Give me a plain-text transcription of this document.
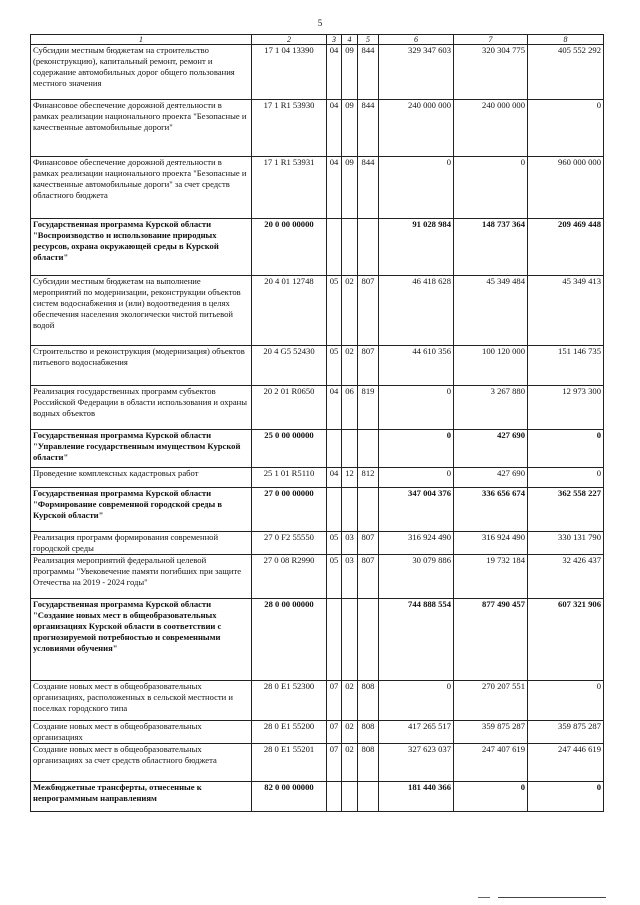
5
1	2	3	4	5	6	7	8
Субсидии местным бюджетам на строительство (реконструкцию), капитальный ремонт, ремонт и содержание автомобильных дорог общего пользования местного значения	17 1 04 13390	04	09	844	329 347 603	320 304 775	405 552 292
Финансовое обеспечение дорожной деятельности в рамках реализации национального проекта "Безопасные и качественные автомобильные дороги"	17 1 R1 53930	04	09	844	240 000 000	240 000 000	0
Финансовое обеспечение дорожной деятельности в рамках реализации национального проекта "Безопасные и качественные автомобильные дороги" за счет средств областного бюджета	17 1 R1 53931	04	09	844	0	0	960 000 000
Государственная программа Курской области "Воспроизводство и использование природных ресурсов, охрана окружающей среды в Курской области"	20 0 00 00000				91 028 984	148 737 364	209 469 448
Субсидии местным бюджетам на выполнение мероприятий по модернизации, реконструкции объектов систем водоснабжения и (или) водоотведения в целях обеспечения населения экологически чистой питьевой водой	20 4 01 12748	05	02	807	46 418 628	45 349 484	45 349 413
Строительство и реконструкция (модернизация) объектов питьевого водоснабжения	20 4 G5 52430	05	02	807	44 610 356	100 120 000	151 146 735
Реализация государственных программ субъектов Российской Федерации в области использования и охраны водных объектов	20 2 01 R0650	04	06	819	0	3 267 880	12 973 300
Государственная программа Курской области "Управление государственным имуществом Курской области"	25 0 00 00000				0	427 690	0
Проведение комплексных кадастровых работ	25 1 01 R5110	04	12	812	0	427 690	0
Государственная программа Курской области "Формирование современной городской среды в Курской области"	27 0 00 00000				347 004 376	336 656 674	362 558 227
Реализация программ формирования современной городской среды	27 0 F2 55550	05	03	807	316 924 490	316 924 490	330 131 790
Реализация мероприятий федеральной целевой программы "Увековечение памяти погибших при защите Отечества на 2019 - 2024 годы"	27 0 08 R2990	05	03	807	30 079 886	19 732 184	32 426 437
Государственная программа Курской области "Создание новых мест в общеобразовательных организациях Курской области в соответствии с прогнозируемой потребностью и современными условиями обучения"	28 0 00 00000				744 888 554	877 490 457	607 321 906
Создание новых мест в общеобразовательных организациях, расположенных в сельской местности и поселках городского типа	28 0 E1 52300	07	02	808	0	270 207 551	0
Создание новых мест в общеобразовательных организациях	28 0 E1 55200	07	02	808	417 265 517	359 875 287	359 875 287
Создание новых мест в общеобразовательных организациях за счет средств областного бюджета	28 0 E1 55201	07	02	808	327 623 037	247 407 619	247 446 619
Межбюджетные трансферты, отнесенные к непрограммным направлениям	82 0 00 00000				181 440 366	0	0
